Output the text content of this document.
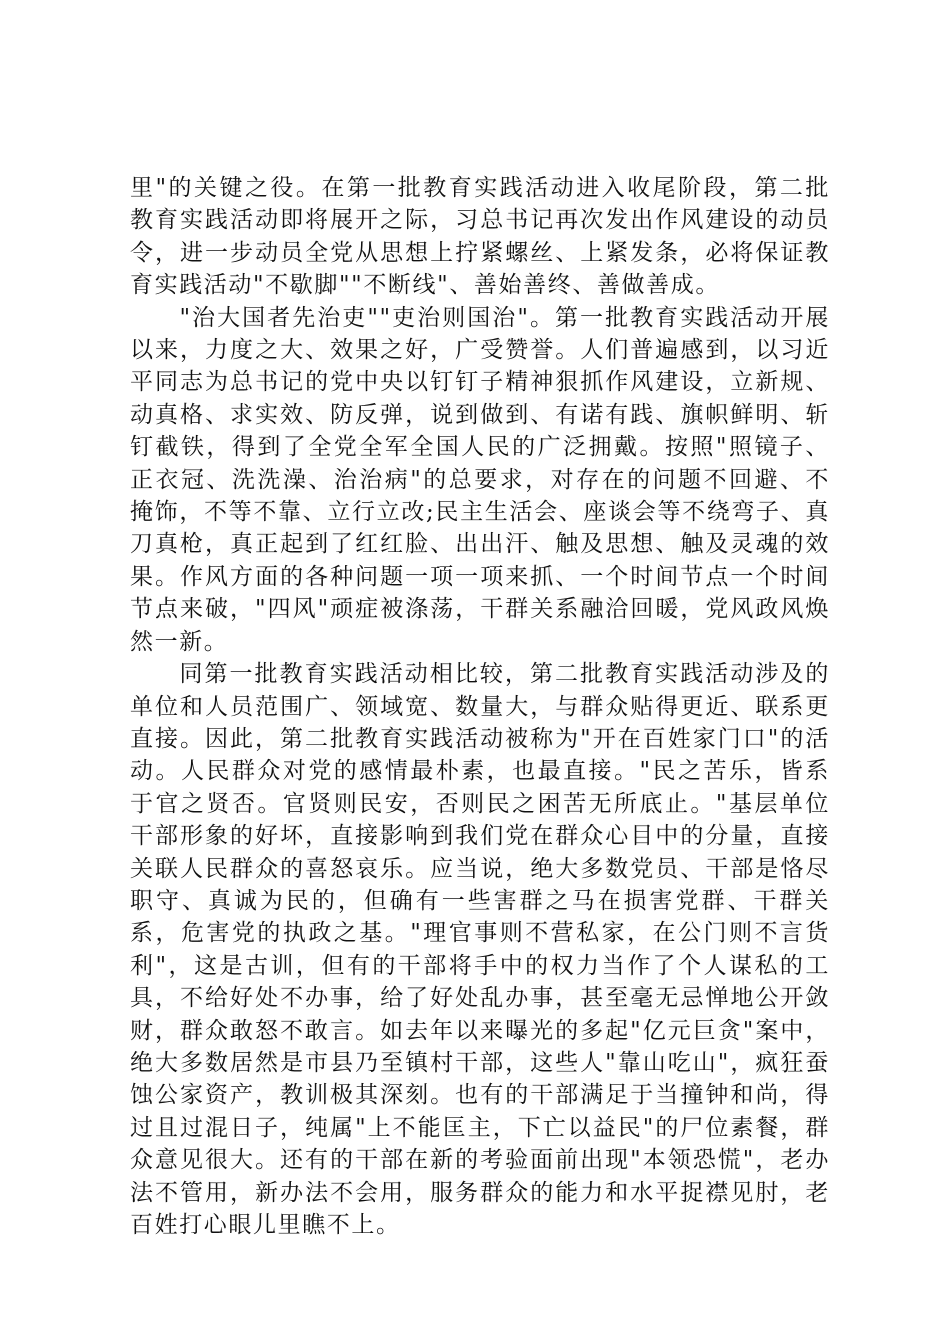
里"的关键之役。在第一批教育实践活动进入收尾阶段，第二批教育实践活动即将展开之际，习总书记再次发出作风建设的动员令，进一步动员全党从思想上拧紧螺丝、上紧发条，必将保证教育实践活动"不歇脚""不断线"、善始善终、善做善成。

"治大国者先治吏""吏治则国治"。第一批教育实践活动开展以来，力度之大、效果之好，广受赞誉。人们普遍感到，以习近平同志为总书记的党中央以钉钉子精神狠抓作风建设，立新规、动真格、求实效、防反弹，说到做到、有诺有践、旗帜鲜明、斩钉截铁，得到了全党全军全国人民的广泛拥戴。按照"照镜子、正衣冠、洗洗澡、治治病"的总要求，对存在的问题不回避、不掩饰，不等不靠、立行立改;民主生活会、座谈会等不绕弯子、真刀真枪，真正起到了红红脸、出出汗、触及思想、触及灵魂的效果。作风方面的各种问题一项一项来抓、一个时间节点一个时间节点来破，"四风"顽症被涤荡，干群关系融洽回暖，党风政风焕然一新。

同第一批教育实践活动相比较，第二批教育实践活动涉及的单位和人员范围广、领域宽、数量大，与群众贴得更近、联系更直接。因此，第二批教育实践活动被称为"开在百姓家门口"的活动。人民群众对党的感情最朴素，也最直接。"民之苦乐，皆系于官之贤否。官贤则民安，否则民之困苦无所底止。"基层单位干部形象的好坏，直接影响到我们党在群众心目中的分量，直接关联人民群众的喜怒哀乐。应当说，绝大多数党员、干部是恪尽职守、真诚为民的，但确有一些害群之马在损害党群、干群关系，危害党的执政之基。"理官事则不营私家，在公门则不言货利"，这是古训，但有的干部将手中的权力当作了个人谋私的工具，不给好处不办事，给了好处乱办事，甚至毫无忌惮地公开敛财，群众敢怒不敢言。如去年以来曝光的多起"亿元巨贪"案中，绝大多数居然是市县乃至镇村干部，这些人"靠山吃山"，疯狂蚕蚀公家资产，教训极其深刻。也有的干部满足于当撞钟和尚，得过且过混日子，纯属"上不能匡主，下亡以益民"的尸位素餐，群众意见很大。还有的干部在新的考验面前出现"本领恐慌"，老办法不管用，新办法不会用，服务群众的能力和水平捉襟见肘，老百姓打心眼儿里瞧不上。
